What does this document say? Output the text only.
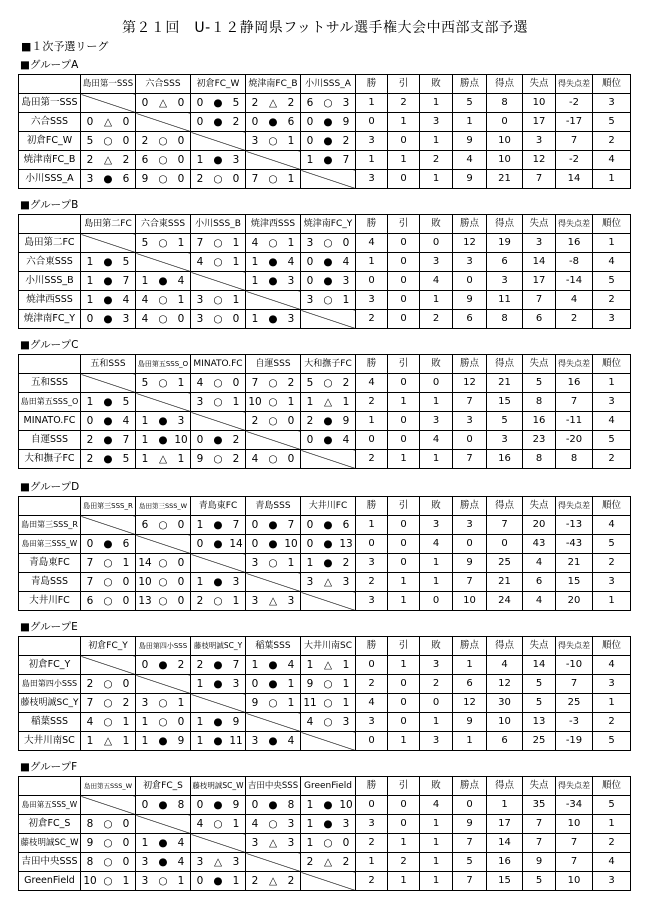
第２１回　U-１２静岡県フットサル選手権大会中西部支部予選
■１次予選リーグ
■グループA
	島田第一SSS	六合SSS	初倉FC_W	焼津南FC_B	小川SSS_A	勝	引	敗	勝点	得点	失点	得失点差	順位
島田第一SSS		0 △ 0	0 ● 5	2 △ 2	6 ○ 3	1	2	1	5	8	10	-2	3
六合SSS	0 △ 0		0 ● 2	0 ● 6	0 ● 9	0	1	3	1	0	17	-17	5
初倉FC_W	5 ○ 0	2 ○ 0		3 ○ 1	0 ● 2	3	0	1	9	10	3	7	2
焼津南FC_B	2 △ 2	6 ○ 0	1 ● 3		1 ● 7	1	1	2	4	10	12	-2	4
小川SSS_A	3 ● 6	9 ○ 0	2 ○ 0	7 ○ 1		3	0	1	9	21	7	14	1
■グループB
	島田第二FC	六合東SSS	小川SSS_B	焼津西SSS	焼津南FC_Y	勝	引	敗	勝点	得点	失点	得失点差	順位
島田第二FC		5 ○ 1	7 ○ 1	4 ○ 1	3 ○ 0	4	0	0	12	19	3	16	1
六合東SSS	1 ● 5		4 ○ 1	1 ● 4	0 ● 4	1	0	3	3	6	14	-8	4
小川SSS_B	1 ● 7	1 ● 4		1 ● 3	0 ● 3	0	0	4	0	3	17	-14	5
焼津西SSS	1 ● 4	4 ○ 1	3 ○ 1		3 ○ 1	3	0	1	9	11	7	4	2
焼津南FC_Y	0 ● 3	4 ○ 0	3 ○ 0	1 ● 3		2	0	2	6	8	6	2	3
■グループC
	五和SSS	島田第五SSS_O	MINATO.FC	自運SSS	大和撫子FC	勝	引	敗	勝点	得点	失点	得失点差	順位
五和SSS		5 ○ 1	4 ○ 0	7 ○ 2	5 ○ 2	4	0	0	12	21	5	16	1
島田第五SSS_O	1 ● 5		3 ○ 1	10 ○ 1	1 △ 1	2	1	1	7	15	8	7	3
MINATO.FC	0 ● 4	1 ● 3		2 ○ 0	2 ● 9	1	0	3	3	5	16	-11	4
自運SSS	2 ● 7	1 ● 10	0 ● 2		0 ● 4	0	0	4	0	3	23	-20	5
大和撫子FC	2 ● 5	1 △ 1	9 ○ 2	4 ○ 0		2	1	1	7	16	8	8	2
■グループD
	島田第三SSS_R	島田第三SSS_W	青島東FC	青島SSS	大井川FC	勝	引	敗	勝点	得点	失点	得失点差	順位
島田第三SSS_R		6 ○ 0	1 ● 7	0 ● 7	0 ● 6	1	0	3	3	7	20	-13	4
島田第三SSS_W	0 ● 6		0 ● 14	0 ● 10	0 ● 13	0	0	4	0	0	43	-43	5
青島東FC	7 ○ 1	14 ○ 0		3 ○ 1	1 ● 2	3	0	1	9	25	4	21	2
青島SSS	7 ○ 0	10 ○ 0	1 ● 3		3 △ 3	2	1	1	7	21	6	15	3
大井川FC	6 ○ 0	13 ○ 0	2 ○ 1	3 △ 3		3	1	0	10	24	4	20	1
■グループE
	初倉FC_Y	島田第四小SSS	藤枝明誠SC_Y	稲葉SSS	大井川南SC	勝	引	敗	勝点	得点	失点	得失点差	順位
初倉FC_Y		0 ● 2	2 ● 7	1 ● 4	1 △ 1	0	1	3	1	4	14	-10	4
島田第四小SSS	2 ○ 0		1 ● 3	0 ● 1	9 ○ 1	2	0	2	6	12	5	7	3
藤枝明誠SC_Y	7 ○ 2	3 ○ 1		9 ○ 1	11 ○ 1	4	0	0	12	30	5	25	1
稲葉SSS	4 ○ 1	1 ○ 0	1 ● 9		4 ○ 3	3	0	1	9	10	13	-3	2
大井川南SC	1 △ 1	1 ● 9	1 ● 11	3 ● 4		0	1	3	1	6	25	-19	5
■グループF
	島田第五SSS_W	初倉FC_S	藤枝明誠SC_W	吉田中央SSS	GreenField	勝	引	敗	勝点	得点	失点	得失点差	順位
島田第五SSS_W		0 ● 8	0 ● 9	0 ● 8	1 ● 10	0	0	4	0	1	35	-34	5
初倉FC_S	8 ○ 0		4 ○ 1	4 ○ 3	1 ● 3	3	0	1	9	17	7	10	1
藤枝明誠SC_W	9 ○ 0	1 ● 4		3 △ 3	1 ○ 0	2	1	1	7	14	7	7	2
吉田中央SSS	8 ○ 0	3 ● 4	3 △ 3		2 △ 2	1	2	1	5	16	9	7	4
GreenField	10 ○ 1	3 ○ 1	0 ● 1	2 △ 2		2	1	1	7	15	5	10	3
